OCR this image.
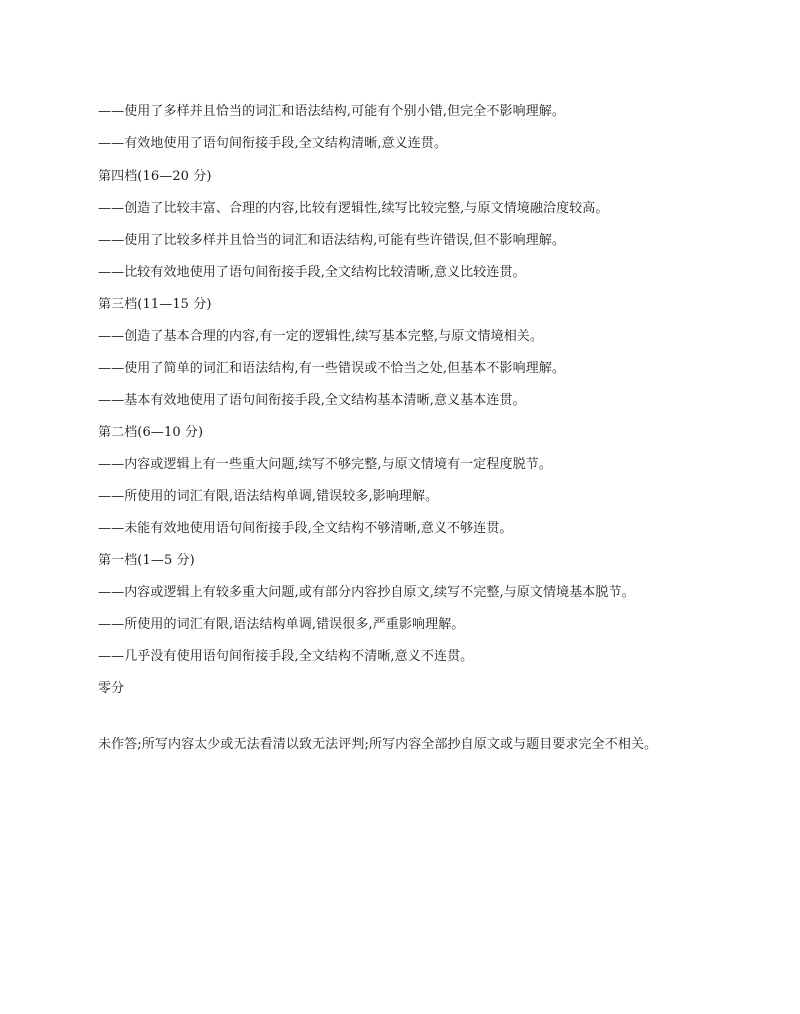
——使用了多样并且恰当的词汇和语法结构,可能有个别小错,但完全不影响理解。
——有效地使用了语句间衔接手段,全文结构清晰,意义连贯。
第四档(16—20 分)
——创造了比较丰富、合理的内容,比较有逻辑性,续写比较完整,与原文情境融洽度较高。
——使用了比较多样并且恰当的词汇和语法结构,可能有些许错误,但不影响理解。
——比较有效地使用了语句间衔接手段,全文结构比较清晰,意义比较连贯。
第三档(11—15 分)
——创造了基本合理的内容,有一定的逻辑性,续写基本完整,与原文情境相关。
——使用了简单的词汇和语法结构,有一些错误或不恰当之处,但基本不影响理解。
——基本有效地使用了语句间衔接手段,全文结构基本清晰,意义基本连贯。
第二档(6—10 分)
——内容或逻辑上有一些重大问题,续写不够完整,与原文情境有一定程度脱节。
——所使用的词汇有限,语法结构单调,错误较多,影响理解。
——未能有效地使用语句间衔接手段,全文结构不够清晰,意义不够连贯。
第一档(1—5 分)
——内容或逻辑上有较多重大问题,或有部分内容抄自原文,续写不完整,与原文情境基本脱节。
——所使用的词汇有限,语法结构单调,错误很多,严重影响理解。
——几乎没有使用语句间衔接手段,全文结构不清晰,意义不连贯。
零分
未作答;所写内容太少或无法看清以致无法评判;所写内容全部抄自原文或与题目要求完全不相关。
